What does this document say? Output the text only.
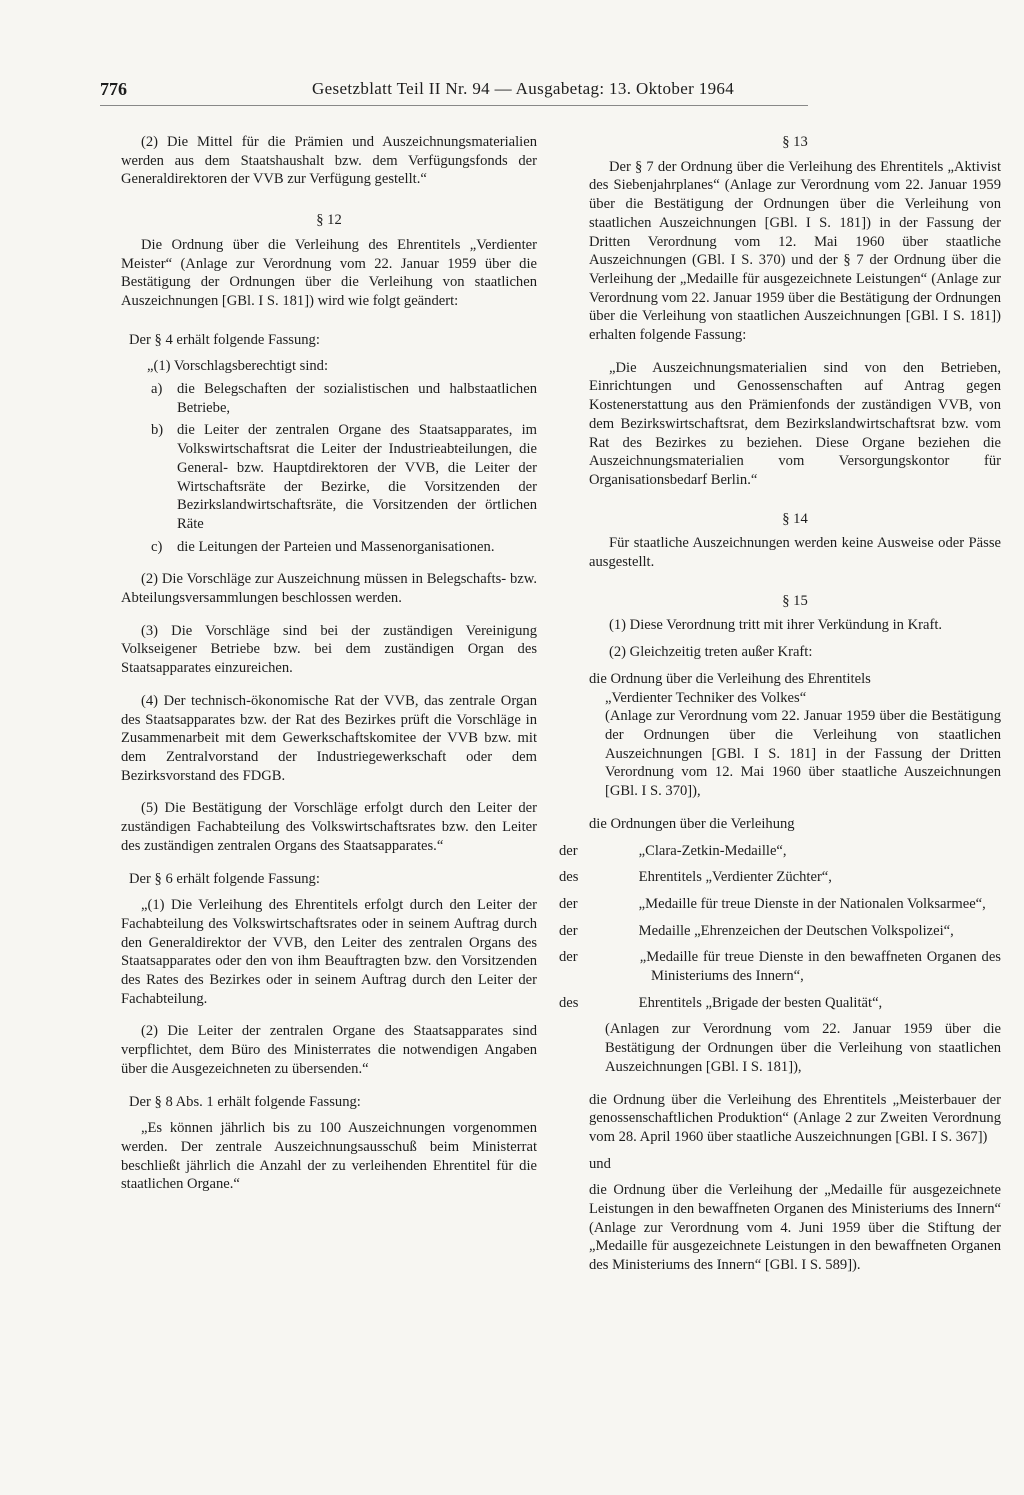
776	Gesetzblatt Teil II Nr. 94 — Ausgabetag: 13. Oktober 1964

(2) Die Mittel für die Prämien und Auszeichnungsmaterialien werden aus dem Staatshaushalt bzw. dem Verfügungsfonds der Generaldirektoren der VVB zur Verfügung gestellt.“

§ 12

Die Ordnung über die Verleihung des Ehrentitels „Verdienter Meister“ (Anlage zur Verordnung vom 22. Januar 1959 über die Bestätigung der Ordnungen über die Verleihung von staatlichen Auszeichnungen [GBl. I S. 181]) wird wie folgt geändert:

Der § 4 erhält folgende Fassung:

„(1) Vorschlagsberechtigt sind:

a) die Belegschaften der sozialistischen und halbstaatlichen Betriebe,

b) die Leiter der zentralen Organe des Staatsapparates, im Volkswirtschaftsrat die Leiter der Industrieabteilungen, die General- bzw. Hauptdirektoren der VVB, die Leiter der Wirtschaftsräte der Bezirke, die Vorsitzenden der Bezirkslandwirtschaftsräte, die Vorsitzenden der örtlichen Räte

c) die Leitungen der Parteien und Massenorganisationen.

(2) Die Vorschläge zur Auszeichnung müssen in Belegschafts- bzw. Abteilungsversammlungen beschlossen werden.

(3) Die Vorschläge sind bei der zuständigen Vereinigung Volkseigener Betriebe bzw. bei dem zuständigen Organ des Staatsapparates einzureichen.

(4) Der technisch-ökonomische Rat der VVB, das zentrale Organ des Staatsapparates bzw. der Rat des Bezirkes prüft die Vorschläge in Zusammenarbeit mit dem Gewerkschaftskomitee der VVB bzw. mit dem Zentralvorstand der Industriegewerkschaft oder dem Bezirksvorstand des FDGB.

(5) Die Bestätigung der Vorschläge erfolgt durch den Leiter der zuständigen Fachabteilung des Volkswirtschaftsrates bzw. den Leiter des zuständigen zentralen Organs des Staatsapparates.“

Der § 6 erhält folgende Fassung:

„(1) Die Verleihung des Ehrentitels erfolgt durch den Leiter der Fachabteilung des Volkswirtschaftsrates oder in seinem Auftrag durch den Generaldirektor der VVB, den Leiter des zentralen Organs des Staatsapparates oder den von ihm Beauftragten bzw. den Vorsitzenden des Rates des Bezirkes oder in seinem Auftrag durch den Leiter der Fachabteilung.

(2) Die Leiter der zentralen Organe des Staatsapparates sind verpflichtet, dem Büro des Ministerrates die notwendigen Angaben über die Ausgezeichneten zu übersenden.“

Der § 8 Abs. 1 erhält folgende Fassung:

„Es können jährlich bis zu 100 Auszeichnungen vorgenommen werden. Der zentrale Auszeichnungsausschuß beim Ministerrat beschließt jährlich die Anzahl der zu verleihenden Ehrentitel für die staatlichen Organe.“

§ 13

Der § 7 der Ordnung über die Verleihung des Ehrentitels „Aktivist des Siebenjahrplanes“ (Anlage zur Verordnung vom 22. Januar 1959 über die Bestätigung der Ordnungen über die Verleihung von staatlichen Auszeichnungen [GBl. I S. 181]) in der Fassung der Dritten Verordnung vom 12. Mai 1960 über staatliche Auszeichnungen (GBl. I S. 370) und der § 7 der Ordnung über die Verleihung der „Medaille für ausgezeichnete Leistungen“ (Anlage zur Verordnung vom 22. Januar 1959 über die Bestätigung der Ordnungen über die Verleihung von staatlichen Auszeichnungen [GBl. I S. 181]) erhalten folgende Fassung:

„Die Auszeichnungsmaterialien sind von den Betrieben, Einrichtungen und Genossenschaften auf Antrag gegen Kostenerstattung aus den Prämienfonds der zuständigen VVB, von dem Bezirkswirtschaftsrat, dem Bezirkslandwirtschaftsrat bzw. vom Rat des Bezirkes zu beziehen. Diese Organe beziehen die Auszeichnungsmaterialien vom Versorgungskontor für Organisationsbedarf Berlin.“

§ 14

Für staatliche Auszeichnungen werden keine Ausweise oder Pässe ausgestellt.

§ 15

(1) Diese Verordnung tritt mit ihrer Verkündung in Kraft.

(2) Gleichzeitig treten außer Kraft:

die Ordnung über die Verleihung des Ehrentitels

„Verdienter Techniker des Volkes“

(Anlage zur Verordnung vom 22. Januar 1959 über die Bestätigung der Ordnungen über die Verleihung von staatlichen Auszeichnungen [GBl. I S. 181] in der Fassung der Dritten Verordnung vom 12. Mai 1960 über staatliche Auszeichnungen [GBl. I S. 370]),

die Ordnungen über die Verleihung

der	„Clara-Zetkin-Medaille“,

des	Ehrentitels „Verdienter Züchter“,

der	„Medaille für treue Dienste in der Nationalen Volksarmee“,

der	Medaille „Ehrenzeichen der Deutschen Volkspolizei“,

der	„Medaille für treue Dienste in den bewaffneten Organen des Ministeriums des Innern“,

des	Ehrentitels „Brigade der besten Qualität“,

(Anlagen zur Verordnung vom 22. Januar 1959 über die Bestätigung der Ordnungen über die Verleihung von staatlichen Auszeichnungen [GBl. I S. 181]),

die Ordnung über die Verleihung des Ehrentitels „Meisterbauer der genossenschaftlichen Produktion“ (Anlage 2 zur Zweiten Verordnung vom 28. April 1960 über staatliche Auszeichnungen [GBl. I S. 367])

und

die Ordnung über die Verleihung der „Medaille für ausgezeichnete Leistungen in den bewaffneten Organen des Ministeriums des Innern“ (Anlage zur Verordnung vom 4. Juni 1959 über die Stiftung der „Medaille für ausgezeichnete Leistungen in den bewaffneten Organen des Ministeriums des Innern“ [GBl. I S. 589]).
